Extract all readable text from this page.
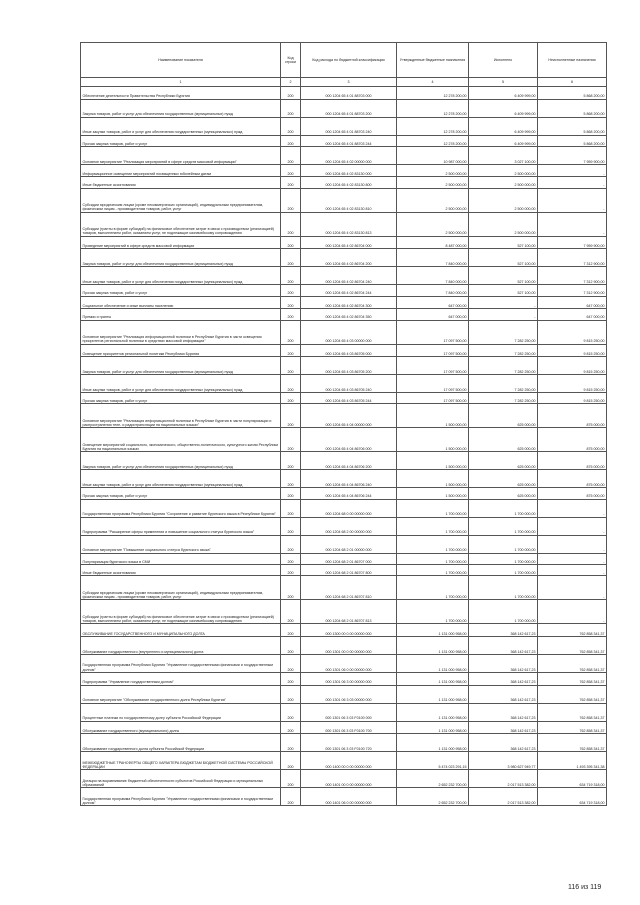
Наименование показателя	Код строки	Код расхода по бюджетной классификации	Утвержденные бюджетные назначения	Исполнено	Неисполненные назначения
1	2	3	4	5	6
Обеспечение деятельности Правительства Республики Бурятия	200	000 1204 65 4 01 88703 000	12 278 200,00	6 409 999,00	5 868 200,00
Закупка товаров, работ и услуг для обеспечения государственных (муниципальных) нужд	200	000 1204 65 4 01 88703 200	12 278 200,00	6 409 999,00	5 868 200,00
Иные закупки товаров, работ и услуг для обеспечения государственных (муниципальных) нужд	200	000 1204 65 4 01 88703 240	12 278 200,00	6 409 999,00	5 868 200,00
Прочая закупка товаров, работ и услуг	200	000 1204 65 4 01 88703 244	12 278 200,00	6 409 999,00	5 868 200,00
Основное мероприятие "Реализация мероприятий в сфере средств массовой информации"	200	000 1204 65 4 02 00000 000	10 987 000,00	3 027 100,00	7 959 900,00
Информационное освещение мероприятий посвященных юбилейным датам	200	000 1204 65 4 02 83130 000	2 500 000,00	2 500 000,00	-
Иные бюджетные ассигнования	200	000 1204 65 4 02 83130 800	2 500 000,00	2 500 000,00	-
Субсидии юридическим лицам (кроме некоммерческих организаций), индивидуальным предпринимателям, физическим лицам - производителям товаров, работ, услуг	200	000 1204 65 4 02 83130 810	2 500 000,00	2 500 000,00	-
Субсидии (гранты в форме субсидий) на финансовое обеспечение затрат в связи с производством (реализацией) товаров, выполнением работ, оказанием услуг, не подлежащие казначейскому сопровождению	200	000 1204 65 4 02 83130 813	2 500 000,00	2 500 000,00	-
Проведение мероприятий в сфере средств массовой информации	200	000 1204 65 4 02 86704 000	8 487 000,00	527 100,00	7 959 900,00
Закупка товаров, работ и услуг для обеспечения государственных (муниципальных) нужд	200	000 1204 65 4 02 86704 200	7 840 000,00	527 100,00	7 312 900,00
Иные закупки товаров, работ и услуг для обеспечения государственных (муниципальных) нужд	200	000 1204 65 4 02 86704 240	7 840 000,00	527 100,00	7 312 900,00
Прочая закупка товаров, работ и услуг	200	000 1204 65 4 02 86704 244	7 840 000,00	527 100,00	7 312 900,00
Социальное обеспечение и иные выплаты населению	200	000 1204 65 4 02 86704 300	647 000,00	-	647 000,00
Премии и гранты	200	000 1204 65 4 02 86704 350	647 000,00	-	647 000,00
Основное мероприятие "Реализация информационной политики в Республике Бурятия в части освещения приоритетов региональной политики в средствах массовой информации"	200	000 1204 65 4 03 00000 000	17 097 500,00	7 282 250,00	9 815 250,00
Освещение приоритетов региональной политики Республики Бурятия	200	000 1204 65 4 03 86705 000	17 097 500,00	7 282 250,00	9 815 250,00
Закупка товаров, работ и услуг для обеспечения государственных (муниципальных) нужд	200	000 1204 65 4 03 86705 200	17 097 500,00	7 282 250,00	9 815 250,00
Иные закупки товаров, работ и услуг для обеспечения государственных (муниципальных) нужд	200	000 1204 65 4 03 86705 240	17 097 500,00	7 282 250,00	9 815 250,00
Прочая закупка товаров, работ и услуг	200	000 1204 65 4 03 86705 244	17 097 500,00	7 282 250,00	9 815 250,00
Основное мероприятие "Реализация информационной политики в Республике Бурятия в части популяризации и распространения теле- и радиотрансляции на национальных языках"	200	000 1204 65 4 04 00000 000	1 500 000,00	625 000,00	875 000,00
Освещение мероприятий социального, экономического, общественно-политического, культурного жизни Республики Бурятия на национальных языках	200	000 1204 65 4 04 86706 000	1 500 000,00	625 000,00	875 000,00
Закупка товаров, работ и услуг для обеспечения государственных (муниципальных) нужд	200	000 1204 65 4 04 86706 200	1 500 000,00	625 000,00	875 000,00
Иные закупки товаров, работ и услуг для обеспечения государственных (муниципальных) нужд	200	000 1204 65 4 04 86706 240	1 500 000,00	625 000,00	875 000,00
Прочая закупка товаров, работ и услуг	200	000 1204 65 4 04 86706 244	1 500 000,00	625 000,00	875 000,00
Государственная программа Республики Бурятия "Сохранение и развитие бурятского языка в Республике Бурятия"	200	000 1204 68 0 00 00000 000	1 700 000,00	1 700 000,00	-
Подпрограмма "Расширение сферы применения и повышение социального статуса бурятского языка"	200	000 1204 68 2 00 00000 000	1 700 000,00	1 700 000,00	-
Основное мероприятие "Повышение социального статуса бурятского языка"	200	000 1204 68 2 01 00000 000	1 700 000,00	1 700 000,00	-
Популяризация бурятского языка в СМИ	200	000 1204 68 2 01 86707 000	1 700 000,00	1 700 000,00	-
Иные бюджетные ассигнования	200	000 1204 68 2 01 86707 800	1 700 000,00	1 700 000,00	-
Субсидии юридическим лицам (кроме некоммерческих организаций), индивидуальным предпринимателям, физическим лицам - производителям товаров, работ, услуг	200	000 1204 68 2 01 86707 810	1 700 000,00	1 700 000,00	-
Субсидии (гранты в форме субсидий) на финансовое обеспечение затрат в связи с производством (реализацией) товаров, выполнением работ, оказанием услуг, не подлежащие казначейскому сопровождению	200	000 1204 68 2 01 86707 813	1 700 000,00	1 700 000,00	-
ОБСЛУЖИВАНИЕ ГОСУДАРСТВЕННОГО И МУНИЦИПАЛЬНОГО ДОЛГА	200	000 1300 00 0 00 00000 000	1 131 000 958,00	368 142 617,23	762 858 341,37
Обслуживание государственного (внутреннего и муниципального) долга	200	000 1301 00 0 00 00000 000	1 131 000 958,00	368 142 617,23	762 858 341,37
Государственная программа Республики Бурятия "Управление государственными финансами и государственным долгом"	200	000 1301 06 0 00 00000 000	1 131 000 958,00	368 142 617,23	762 858 341,37
Подпрограмма "Управление государственным долгом"	200	000 1301 06 3 00 00000 000	1 131 000 958,00	368 142 617,23	762 858 341,37
Основное мероприятие "Обслуживание государственного долга Республики Бурятия"	200	000 1301 06 3 03 00000 000	1 131 000 958,00	368 142 617,23	762 858 341,37
Процентные платежи по государственному долгу субъекта Российской Федерации	200	000 1301 06 3 03 F0100 000	1 131 000 958,00	368 142 617,23	762 858 341,37
Обслуживание государственного (муниципального) долга	200	000 1301 06 3 03 F0100 700	1 131 000 958,00	368 142 617,23	762 858 341,37
Обслуживание государственного долга субъекта Российской Федерации	200	000 1301 06 3 03 F0100 720	1 131 000 958,00	368 142 617,23	762 858 341,37
МЕЖБЮДЖЕТНЫЕ ТРАНСФЕРТЫ ОБЩЕГО ХАРАКТЕРА БЮДЖЕТАМ БЮДЖЕТНОЙ СИСТЕМЫ РОССИЙСКОЙ ФЕДЕРАЦИИ	200	000 1400 00 0 00 00000 000	5 474 023 291,15	3 980 627 949,77	1 493 395 341,38
Дотации на выравнивание бюджетной обеспеченности субъектов Российской Федерации и муниципальных образований	200	000 1401 00 0 00 00000 000	2 652 232 700,00	2 017 513 382,00	634 719 318,00
Государственная программа Республики Бурятия "Управление государственными финансами и государственным долгом"	200	000 1401 06 0 00 00000 000	2 652 232 700,00	2 017 513 382,00	634 719 318,00
116 из 119
